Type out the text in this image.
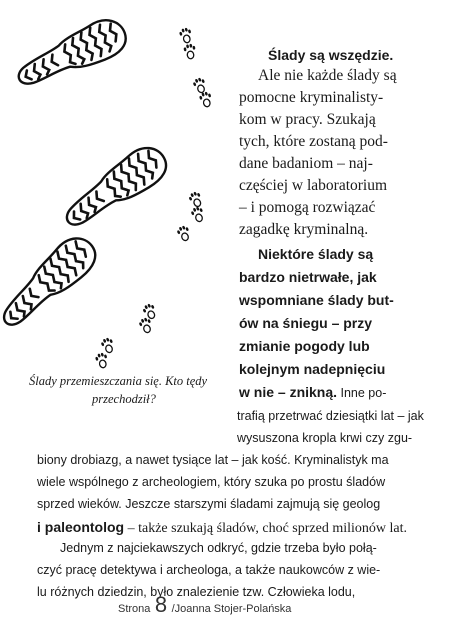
Ślady są wszędzie.
Ale nie każde ślady są
pomocne kryminalisty-
kom w pracy. Szukają
tych, które zostaną pod-
dane badaniom – naj-
częściej w laboratorium
– i pomogą rozwiązać
zagadkę kryminalną.
Niektóre ślady są
bardzo nietrwałe, jak
wspomniane ślady but-
ów na śniegu – przy
zmianie pogody lub
kolejnym nadepnięciu
w nie – znikną. Inne po-
trafią przetrwać dziesiątki lat – jak
wysuszona kropla krwi czy zgu-
Ślady przemieszczania się. Kto tędy
przechodził?
biony drobiazg, a nawet tysiące lat – jak kość. Kryminalistyk ma
wiele wspólnego z archeologiem, który szuka po prostu śladów
sprzed wieków. Jeszcze starszymi śladami zajmują się geolog
i paleontolog – także szukają śladów, choć sprzed milionów lat.
Jednym z najciekawszych odkryć, gdzie trzeba było połą-
czyć pracę detektywa i archeologa, a także naukowców z wie-
lu różnych dziedzin, było znalezienie tzw. Człowieka lodu,
Strona 8 /Joanna Stojer-Polańska
